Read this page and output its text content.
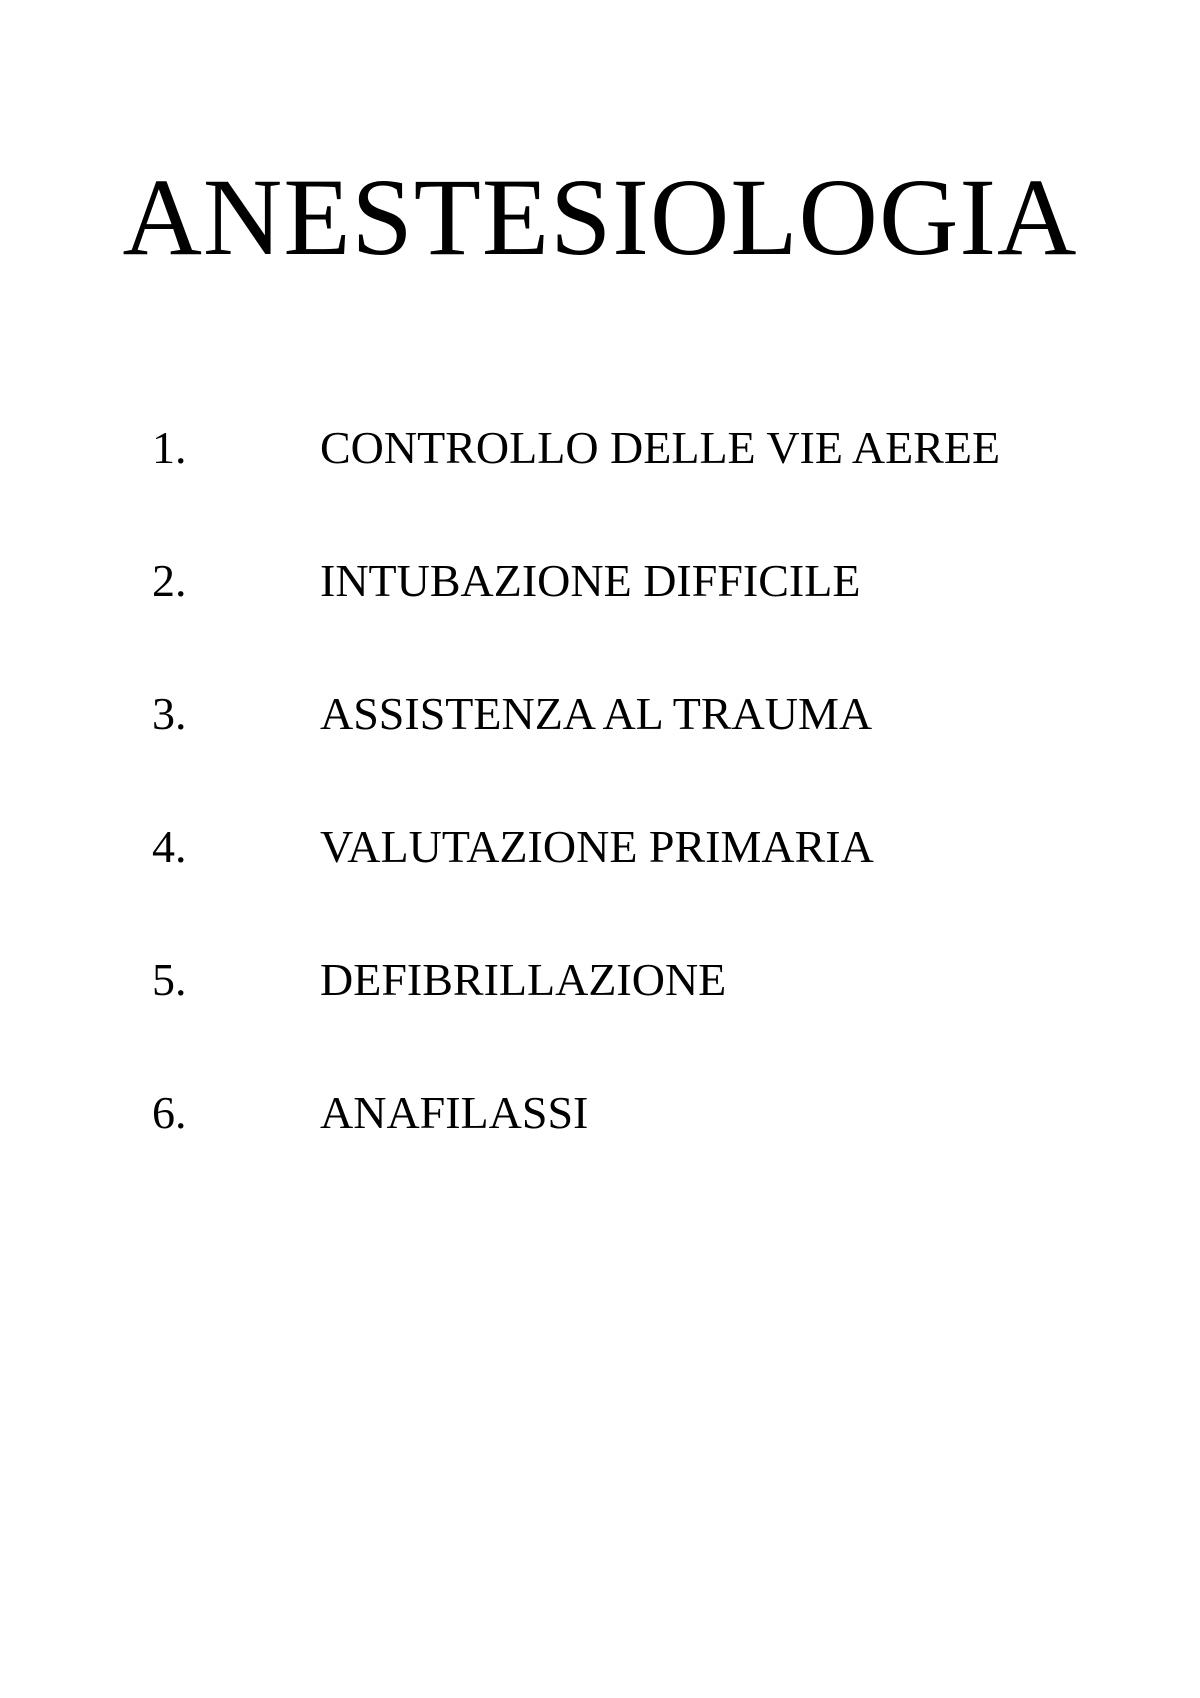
ANESTESIOLOGIA
1.	CONTROLLO DELLE VIE AEREE
2.	INTUBAZIONE DIFFICILE
3.	ASSISTENZA AL TRAUMA
4.	VALUTAZIONE PRIMARIA
5.	DEFIBRILLAZIONE
6.	ANAFILASSI
